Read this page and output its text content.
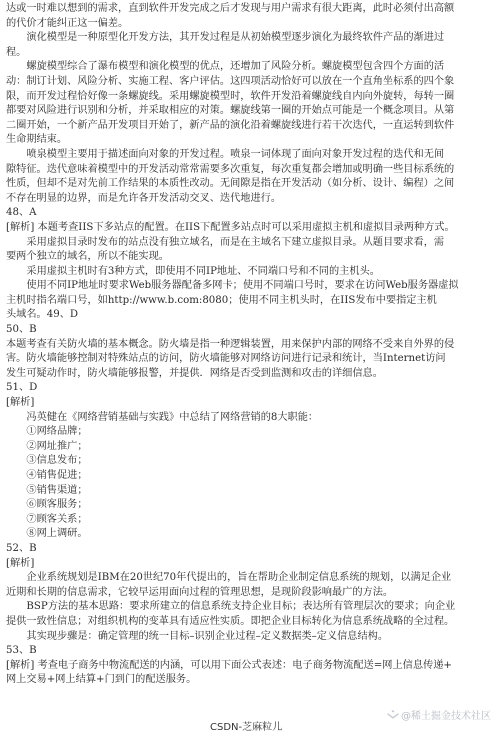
达或一时难以想到的需求，直到软件开发完成之后才发现与用户需求有很大距离，此时必须付出高额

的代价才能纠正这一偏差。

演化模型是一种原型化开发方法，其开发过程是从初始模型逐步演化为最终软件产品的渐进过

程。

螺旋模型综合了瀑布模型和演化模型的优点，还增加了风险分析。螺旋模型包含四个方面的活

动：制订计划、风险分析、实施工程、客户评估。这四项活动恰好可以放在一个直角坐标系的四个象

限，而开发过程恰好像一条螺旋线。采用螺旋模型时，软件开发沿着螺旋线自内向外旋转，每转一圈

都要对风险进行识别和分析，并采取相应的对策。螺旋线第一圈的开始点可能是一个概念项目。从第

二圈开始，一个新产品开发项目开始了，新产品的演化沿着螺旋线进行若干次迭代，一直运转到软件

生命期结束。

喷泉模型主要用于描述面向对象的开发过程。喷泉一词体现了面向对象开发过程的迭代和无间

隙特征。迭代意味着模型中的开发活动常常需要多次重复，每次重复都会增加或明确一些目标系统的

性质，但却不是对先前工作结果的本质性改动。无间隙是指在开发活动（如分析、设计、编程）之间

不存在明显的边界，而是允许各开发活动交叉、迭代地进行。

48、A

[解析] 本题考查IIS下多站点的配置。在IIS下配置多站点时可以采用虚拟主机和虚拟目录两种方式。

采用虚拟目录时发布的站点没有独立域名，而是在主域名下建立虚拟目录。从题目要求看，需

要两个独立的域名，所以不能实现。

采用虚拟主机时有3种方式，即使用不同IP地址、不同端口号和不同的主机头。

使用不同IP地址时要求Web服务器配备多网卡；使用不同端口号时，要求在访问Web服务器虚拟

主机时指名端口号，如http://www.b.com:8080；使用不同主机头时，在IIS发布中要指定主机

头域名。49、D

50、B

本题考查有关防火墙的基本概念。防火墙是指一种逻辑装置，用来保护内部的网络不受来自外界的侵

害。防火墙能够控制对特殊站点的访问，防火墙能够对网络访问进行记录和统计，当Internet访问

发生可疑动作时，防火墙能够报警，并提供．网络是否受到监测和攻击的详细信息。

51、D

[解析]

冯英健在《网络营销基础与实践》中总结了网络营销的8大职能：

①网络品牌；

②网址推广；

③信息发布；

④销售促进；

⑤销售渠道；

⑥顾客服务；

⑦顾客关系；

⑧网上调研。

52、B

[解析]

企业系统规划是IBM在20世纪70年代提出的，旨在帮助企业制定信息系统的规划，以满足企业

近期和长期的信息需求，它较早运用面向过程的管理思想，是现阶段影响最广的方法。

BSP方法的基本思路：要求所建立的信息系统支持企业目标；表达所有管理层次的要求；向企业

提供一致性信息；对组织机构的变革具有适应性实质。即把企业目标转化为信息系统战略的全过程。

其实现步骤是：确定管理的统一目标–识别企业过程–定义数据类–定义信息结构。

53、B

[解析] 考查电子商务中物流配送的内涵，可以用下面公式表述：电子商务物流配送=网上信息传递+

网上交易+网上结算+门到门的配送服务。

CSDN-芝麻粒儿
@稀土掘金技术社区
